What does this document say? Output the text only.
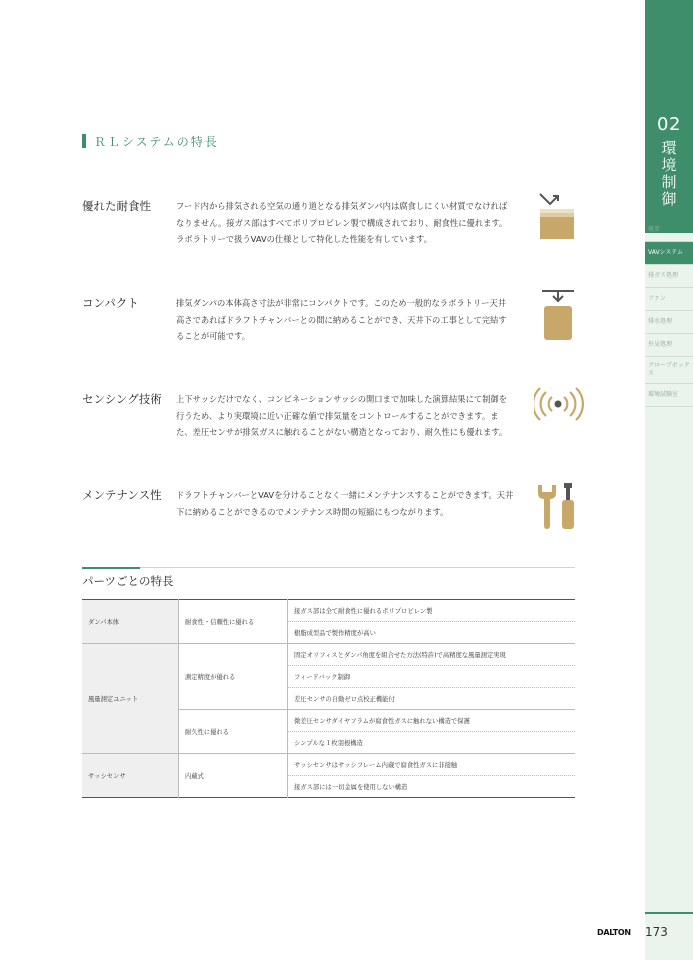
02
環
境
制
御
概要
VAVシステム
排ガス処理
ファン
排水処理
外気処理
グローブボックス
環境試験室
ＲＬシステムの特長
優れた耐食性	フード内から排気される空気の通り道となる排気ダンパ内は腐食しにくい材質でなければなりません。接ガス部はすべてポリプロピレン製で構成されており、耐食性に優れます。ラボラトリーで扱うVAVの仕様として特化した性能を有しています。
コンパクト	排気ダンパの本体高さ寸法が非常にコンパクトです。このため一般的なラボラトリー天井高さであればドラフトチャンバーとの間に納めることができ、天井下の工事として完結することが可能です。
センシング技術 上下サッシだけでなく、コンビネーションサッシの開口まで加味した演算結果にて制御を行うため、より実環境に近い正確な値で排気量をコントロールすることができます。また、差圧センサが排気ガスに触れることがない構造となっており、耐久性にも優れます。
メンテナンス性 ドラフトチャンバーとVAVを分けることなく一緒にメンテナンスすることができます。天井下に納めることができるのでメンテナンス時間の短縮にもつながります。
パーツごとの特長
ダンパ本体	耐食性・信頼性に優れる	接ガス部は全て耐食性に優れるポリプロピレン製
		樹脂成型品で製作精度が高い
風量測定ユニット	測定精度が優れる	固定オリフィスとダンパ角度を組合せた方法(特許)で高精度な風量測定実現
		フィードバック制御
		差圧センサの自動ゼロ点校正機能付
	耐久性に優れる	微差圧センサダイヤフラムが腐食性ガスに触れない構造で保護
		シンプルな１枚羽根構造
サッシセンサ	内蔵式	サッシセンサはサッシフレーム内蔵で腐食性ガスに非接触
		接ガス部には一切金属を使用しない構造
DALTON 173
